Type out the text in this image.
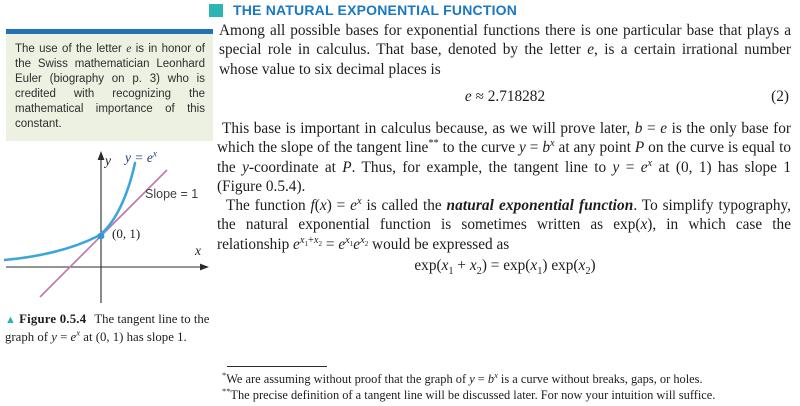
The use of the letter e is in honor of the Swiss mathematician Leonhard Euler (biography on p. 3) who is credited with recognizing the mathematical importance of this constant.

y $y = e^x$
Slope = 1
(0, 1)
x
▲ Figure 0.5.4 The tangent line to the graph of $y = e^x$ at (0, 1) has slope 1.
THE NATURAL EXPONENTIAL FUNCTION

Among all possible bases for exponential functions there is one particular base that plays a special role in calculus. That base, denoted by the letter e, is a certain irrational number whose value to six decimal places is

e ≈ 2.718282	(2)

This base is important in calculus because, as we will prove later, b = e is the only base for which the slope of the tangent line** to the curve $y = b^x$ at any point P on the curve is equal to the y-coordinate at P. Thus, for example, the tangent line to $y = e^x$ at (0, 1) has slope 1 (Figure 0.5.4).

The function $f(x) = e^x$ is called the natural exponential function. To simplify typography, the natural exponential function is sometimes written as exp(x), in which case the relationship $e^{x_1+x_2} = e^{x_1}e^{x_2}$ would be expressed as

$\exp(x_1 + x_2) = \exp(x_1)$ $\exp(x_2)$

*We are assuming without proof that the graph of $y = b^x$ is a curve without breaks, gaps, or holes.

**The precise definition of a tangent line will be discussed later. For now your intuition will suffice.
